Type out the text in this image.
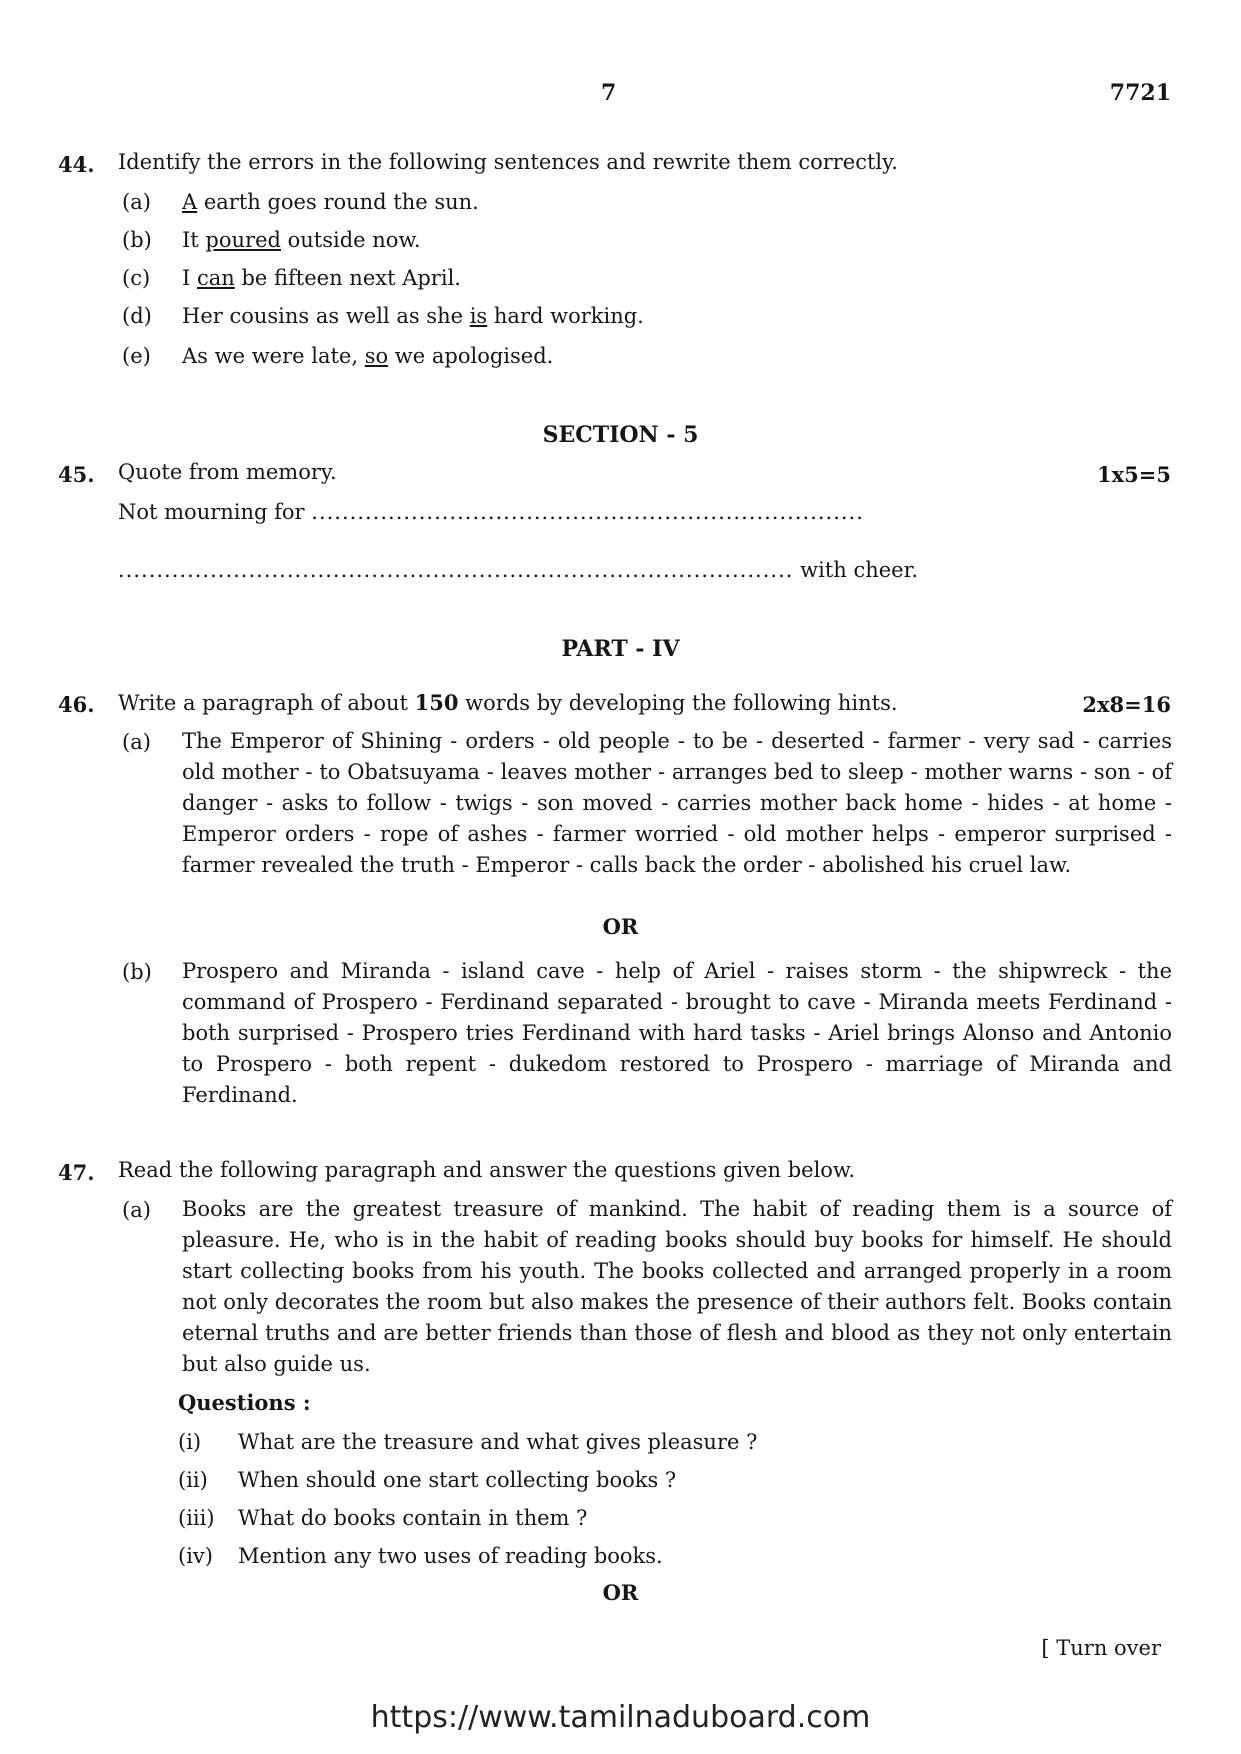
7	7721
44. Identify the errors in the following sentences and rewrite them correctly.
(a) A earth goes round the sun.
(b) It poured outside now.
(c) I can be fifteen next April.
(d) Her cousins as well as she is hard working.
(e) As we were late, so we apologised.
SECTION - 5
45. Quote from memory.	1x5=5
Not mourning for ........................................................................
........................................................................................ with cheer.
PART - IV
46. Write a paragraph of about 150 words by developing the following hints.	2x8=16
(a) The Emperor of Shining - orders - old people - to be - deserted - farmer - very sad - carries old mother - to Obatsuyama - leaves mother - arranges bed to sleep - mother warns - son - of danger - asks to follow - twigs - son moved - carries mother back home - hides - at home - Emperor orders - rope of ashes - farmer worried - old mother helps - emperor surprised - farmer revealed the truth - Emperor - calls back the order - abolished his cruel law.
OR
(b) Prospero and Miranda - island cave - help of Ariel - raises storm - the shipwreck - the command of Prospero - Ferdinand separated - brought to cave - Miranda meets Ferdinand - both surprised - Prospero tries Ferdinand with hard tasks - Ariel brings Alonso and Antonio to Prospero - both repent - dukedom restored to Prospero - marriage of Miranda and Ferdinand.
47. Read the following paragraph and answer the questions given below.
(a) Books are the greatest treasure of mankind. The habit of reading them is a source of pleasure. He, who is in the habit of reading books should buy books for himself. He should start collecting books from his youth. The books collected and arranged properly in a room not only decorates the room but also makes the presence of their authors felt. Books contain eternal truths and are better friends than those of flesh and blood as they not only entertain but also guide us.
Questions :
(i) What are the treasure and what gives pleasure ?
(ii) When should one start collecting books ?
(iii) What do books contain in them ?
(iv) Mention any two uses of reading books.
OR
[ Turn over
https://www.tamilnaduboard.com
